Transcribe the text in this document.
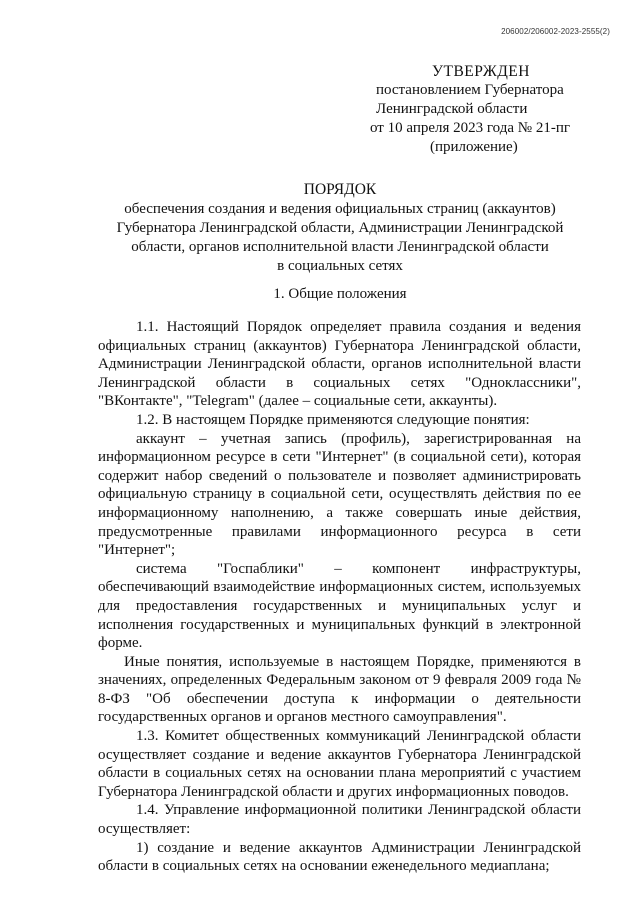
206002/206002-2023-2555(2)
УТВЕРЖДЕН
постановлением Губернатора
Ленинградской области
от 10 апреля 2023 года № 21-пг
(приложение)
ПОРЯДОК
обеспечения создания и ведения официальных страниц (аккаунтов)
Губернатора Ленинградской области, Администрации Ленинградской
области, органов исполнительной власти Ленинградской области
в социальных сетях
1. Общие положения

1.1. Настоящий Порядок определяет правила создания и ведения официальных страниц (аккаунтов) Губернатора Ленинградской области, Администрации Ленинградской области, органов исполнительной власти Ленинградской области в социальных сетях "Одноклассники", "ВКонтакте", "Telegram" (далее – социальные сети, аккаунты).

1.2. В настоящем Порядке применяются следующие понятия:

аккаунт – учетная запись (профиль), зарегистрированная на информационном ресурсе в сети "Интернет" (в социальной сети), которая содержит набор сведений о пользователе и позволяет администрировать официальную страницу в социальной сети, осуществлять действия по ее информационному наполнению, а также совершать иные действия, предусмотренные правилами информационного ресурса в сети "Интернет";

система "Госпаблики" – компонент инфраструктуры, обеспечивающий взаимодействие информационных систем, используемых для предоставления государственных и муниципальных услуг и исполнения государственных и муниципальных функций в электронной форме.

Иные понятия, используемые в настоящем Порядке, применяются в значениях, определенных Федеральным законом от 9 февраля 2009 года № 8-ФЗ "Об обеспечении доступа к информации о деятельности государственных органов и органов местного самоуправления".

1.3. Комитет общественных коммуникаций Ленинградской области осуществляет создание и ведение аккаунтов Губернатора Ленинградской области в социальных сетях на основании плана мероприятий с участием Губернатора Ленинградской области и других информационных поводов.

1.4. Управление информационной политики Ленинградской области осуществляет:

1) создание и ведение аккаунтов Администрации Ленинградской области в социальных сетях на основании еженедельного медиаплана;
